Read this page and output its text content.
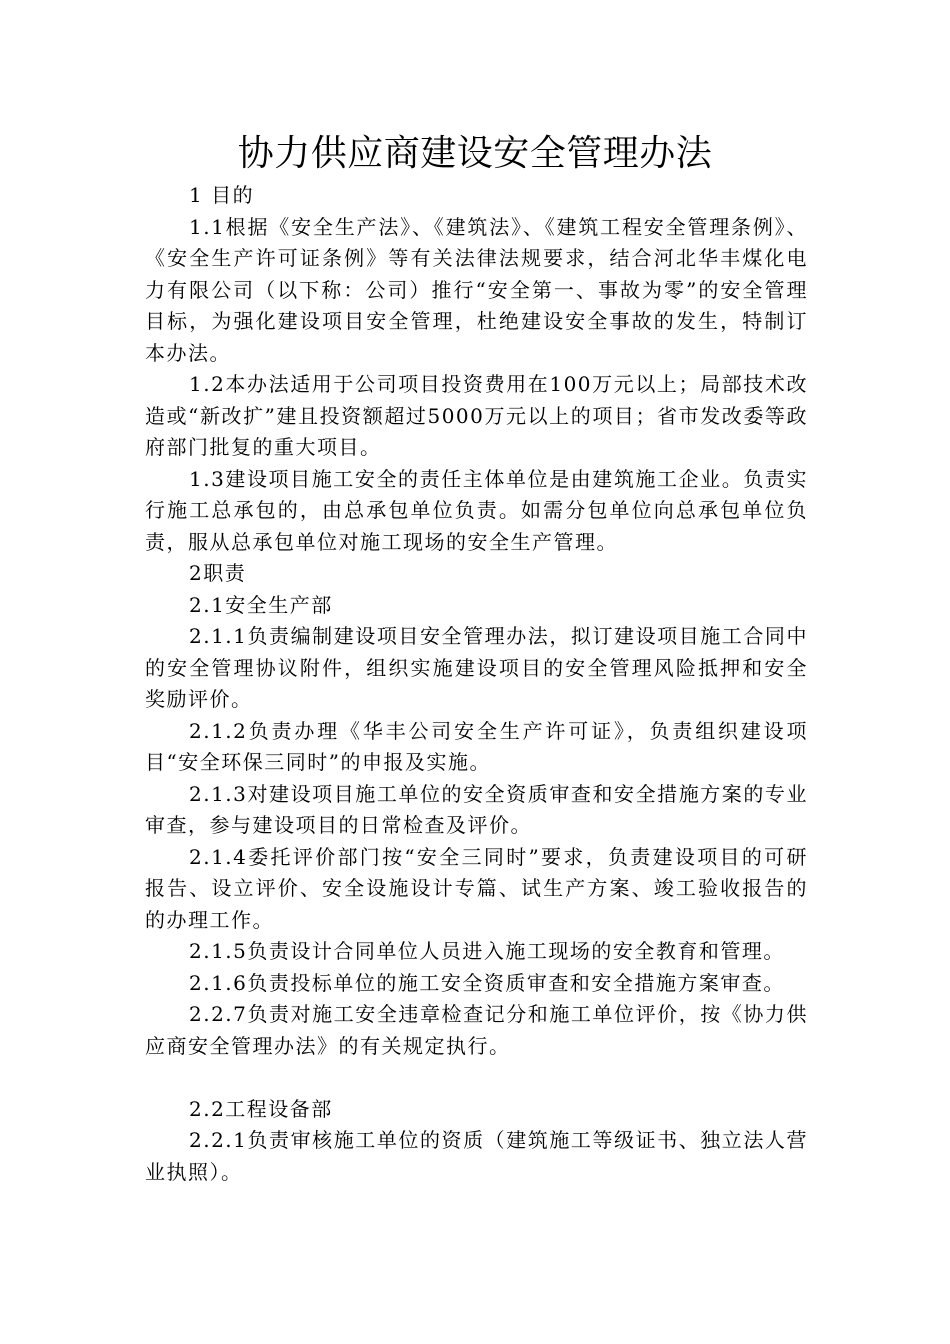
协力供应商建设安全管理办法

1 目的

1.1根据《安全生产法》、《建筑法》、《建筑工程安全管理条例》、《安全生产许可证条例》等有关法律法规要求，结合河北华丰煤化电力有限公司（以下称：公司）推行“安全第一、事故为零”的安全管理目标，为强化建设项目安全管理，杜绝建设安全事故的发生，特制订本办法。

1.2本办法适用于公司项目投资费用在100万元以上；局部技术改造或“新改扩”建且投资额超过5000万元以上的项目；省市发改委等政府部门批复的重大项目。

1.3建设项目施工安全的责任主体单位是由建筑施工企业。负责实行施工总承包的，由总承包单位负责。如需分包单位向总承包单位负责，服从总承包单位对施工现场的安全生产管理。

2职责

2.1安全生产部

2.1.1负责编制建设项目安全管理办法，拟订建设项目施工合同中的安全管理协议附件，组织实施建设项目的安全管理风险抵押和安全奖励评价。

2.1.2负责办理《华丰公司安全生产许可证》，负责组织建设项目“安全环保三同时”的申报及实施。

2.1.3对建设项目施工单位的安全资质审查和安全措施方案的专业审查，参与建设项目的日常检查及评价。

2.1.4委托评价部门按“安全三同时”要求，负责建设项目的可研报告、设立评价、安全设施设计专篇、试生产方案、竣工验收报告的的办理工作。

2.1.5负责设计合同单位人员进入施工现场的安全教育和管理。

2.1.6负责投标单位的施工安全资质审查和安全措施方案审查。

2.2.7负责对施工安全违章检查记分和施工单位评价，按《协力供应商安全管理办法》的有关规定执行。

2.2工程设备部

2.2.1负责审核施工单位的资质（建筑施工等级证书、独立法人营业执照）。
